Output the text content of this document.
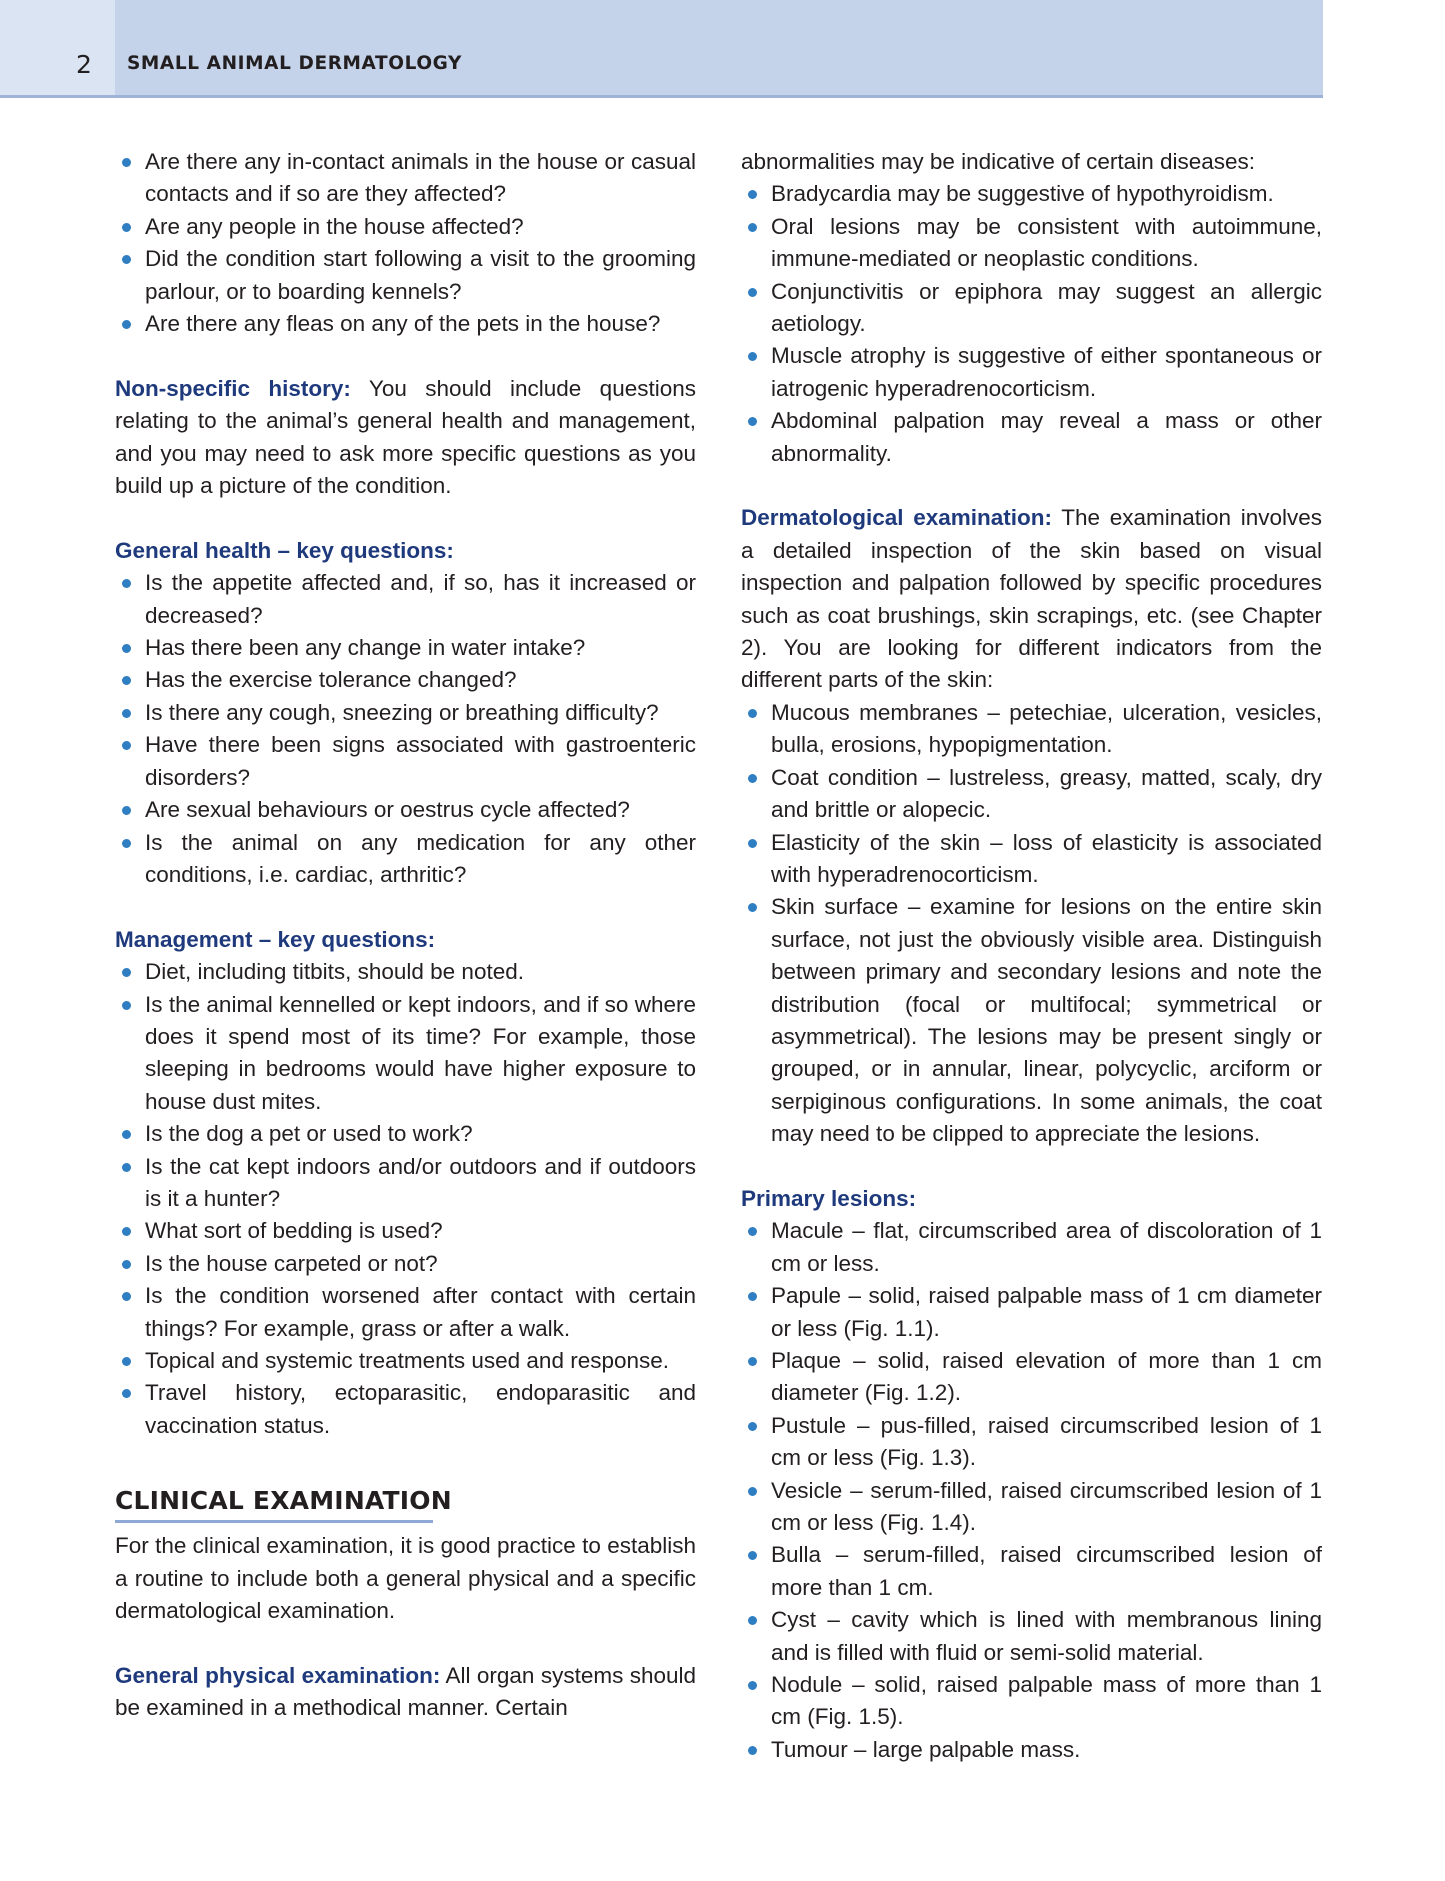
2 SMALL ANIMAL DERMATOLOGY
Are there any in-contact animals in the house or casual contacts and if so are they affected?
Are any people in the house affected?
Did the condition start following a visit to the grooming parlour, or to boarding kennels?
Are there any fleas on any of the pets in the house?

Non-specific history: You should include questions relating to the animal’s general health and management, and you may need to ask more specific questions as you build up a picture of the condition.

General health – key questions:

Is the appetite affected and, if so, has it increased or decreased?
Has there been any change in water intake?
Has the exercise tolerance changed?
Is there any cough, sneezing or breathing difficulty?
Have there been signs associated with gastroenteric disorders?
Are sexual behaviours or oestrus cycle affected?
Is the animal on any medication for any other conditions, i.e. cardiac, arthritic?

Management – key questions:

Diet, including titbits, should be noted.
Is the animal kennelled or kept indoors, and if so where does it spend most of its time? For example, those sleeping in bedrooms would have higher exposure to house dust mites.
Is the dog a pet or used to work?
Is the cat kept indoors and/or outdoors and if outdoors is it a hunter?
What sort of bedding is used?
Is the house carpeted or not?
Is the condition worsened after contact with certain things? For example, grass or after a walk.
Topical and systemic treatments used and response.
Travel history, ectoparasitic, endoparasitic and vaccination status.
CLINICAL EXAMINATION

For the clinical examination, it is good practice to establish a routine to include both a general physical and a specific dermatological examination.

General physical examination: All organ systems should be examined in a methodical manner. Certain

abnormalities may be indicative of certain diseases:

Bradycardia may be suggestive of hypothyroidism.
Oral lesions may be consistent with autoimmune, immune-mediated or neoplastic conditions.
Conjunctivitis or epiphora may suggest an allergic aetiology.
Muscle atrophy is suggestive of either spontaneous or iatrogenic hyperadrenocorticism.
Abdominal palpation may reveal a mass or other abnormality.

Dermatological examination: The examination involves a detailed inspection of the skin based on visual inspection and palpation followed by specific procedures such as coat brushings, skin scrapings, etc. (see Chapter 2). You are looking for different indicators from the different parts of the skin:

Mucous membranes – petechiae, ulceration, vesicles, bulla, erosions, hypopigmentation.
Coat condition – lustreless, greasy, matted, scaly, dry and brittle or alopecic.
Elasticity of the skin – loss of elasticity is associated with hyperadrenocorticism.
Skin surface – examine for lesions on the entire skin surface, not just the obviously visible area. Distinguish between primary and secondary lesions and note the distribution (focal or multifocal; symmetrical or asymmetrical). The lesions may be present singly or grouped, or in annular, linear, polycyclic, arciform or serpiginous configurations. In some animals, the coat may need to be clipped to appreciate the lesions.

Primary lesions:

Macule – flat, circumscribed area of discoloration of 1 cm or less.
Papule – solid, raised palpable mass of 1 cm diameter or less (Fig. 1.1).
Plaque – solid, raised elevation of more than 1 cm diameter (Fig. 1.2).
Pustule – pus-filled, raised circumscribed lesion of 1 cm or less (Fig. 1.3).
Vesicle – serum-filled, raised circumscribed lesion of 1 cm or less (Fig. 1.4).
Bulla – serum-filled, raised circumscribed lesion of more than 1 cm.
Cyst – cavity which is lined with membranous lining and is filled with fluid or semi-solid material.
Nodule – solid, raised palpable mass of more than 1 cm (Fig. 1.5).
Tumour – large palpable mass.
